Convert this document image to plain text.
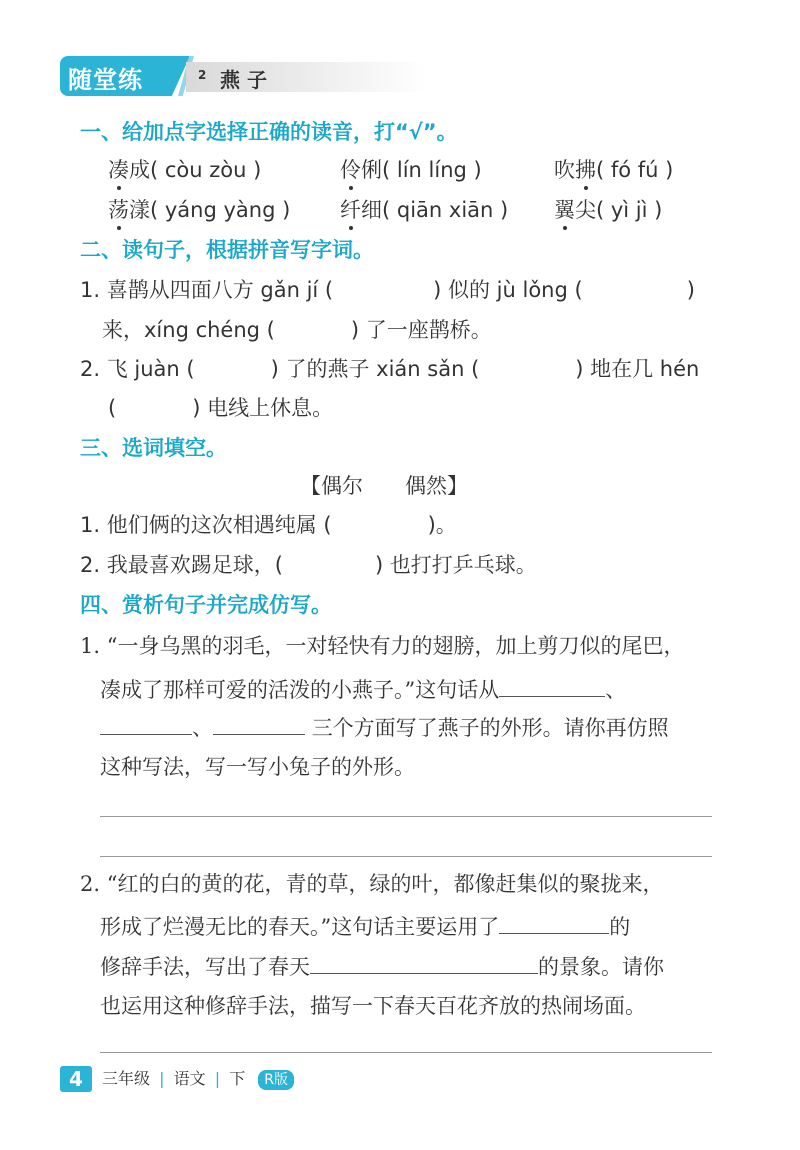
随堂练	2 燕 子
一、给加点字选择正确的读音，打“√”。
凑成( còu zòu )	伶俐( lín líng )	吹拂( fó fú )
荡漾( yáng yàng ) 纤细( qiān xiān ) 翼尖( yì jì )
二、读句子，根据拼音写字词。
1. 喜鹊从四面八方 gǎn jí (	) 似的 jù lǒng (	)
来，xíng chéng (	) 了一座鹊桥。
2. 飞 juàn (	) 了的燕子 xián sǎn (	) 地在几 hén
(	) 电线上休息。
三、选词填空。
【偶尔　　偶然】
1. 他们俩的这次相遇纯属 (	)。
2. 我最喜欢踢足球，(	) 也打打乒乓球。
四、赏析句子并完成仿写。
1. “一身乌黑的羽毛，一对轻快有力的翅膀，加上剪刀似的尾巴，
凑成了那样可爱的活泼的小燕子。”这句话从	、
、	三个方面写了燕子的外形。请你再仿照
这种写法，写一写小兔子的外形。
2. “红的白的黄的花，青的草，绿的叶，都像赶集似的聚拢来，
形成了烂漫无比的春天。”这句话主要运用了	的
修辞手法，写出了春天	的景象。请你
也运用这种修辞手法，描写一下春天百花齐放的热闹场面。
4	三年级 | 语文 | 下 R版
